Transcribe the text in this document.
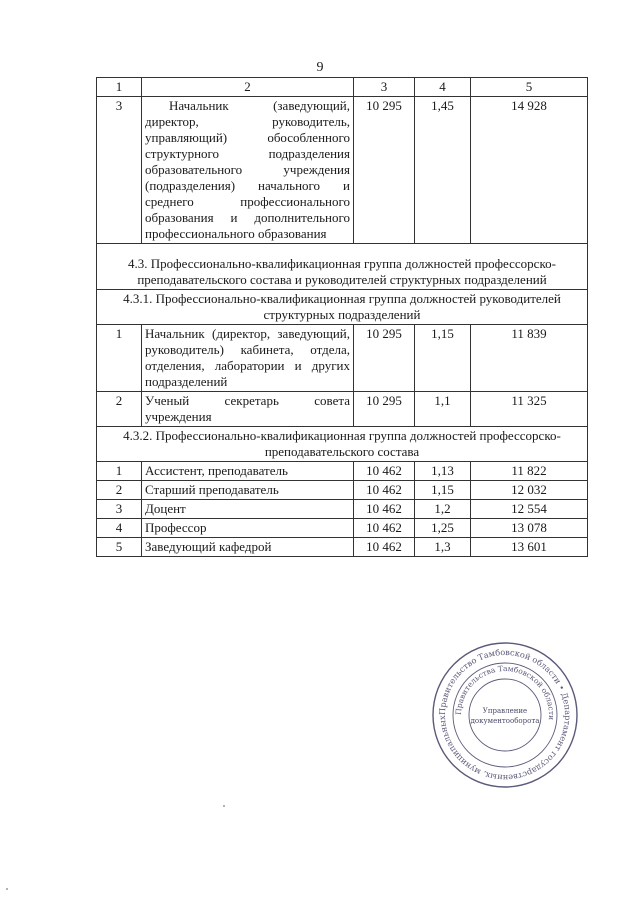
9
1	2	3	4	5
3	Начальник (заведующий, директор, руководитель, управляющий) обособленного структурного подразделения образовательного учреждения (подразделения) начального и среднего профессионального образования и дополнительного профессионального образования	10 295	1,45	14 928
4.3. Профессионально-квалификационная группа должностей профессорско-преподавательского состава и руководителей структурных подразделений				
4.3.1. Профессионально-квалификационная группа должностей руководителей структурных подразделений				
1	Начальник (директор, заведующий, руководитель) кабинета, отдела, отделения, лаборатории и других подразделений	10 295	1,15	11 839
2	Ученый секретарь совета учреждения	10 295	1,1	11 325
4.3.2. Профессионально-квалификационная группа должностей профессорско-преподавательского состава				
1	Ассистент, преподаватель	10 462	1,13	11 822
2	Старший преподаватель	10 462	1,15	12 032
3	Доцент	10 462	1,2	12 554
4	Профессор	10 462	1,25	13 078
5	Заведующий кафедрой	10 462	1,3	13 601
Правительство Тамбовской области • Департамент государственных, муниципальных
Правительства Тамбовской области
Управление
документооборота
